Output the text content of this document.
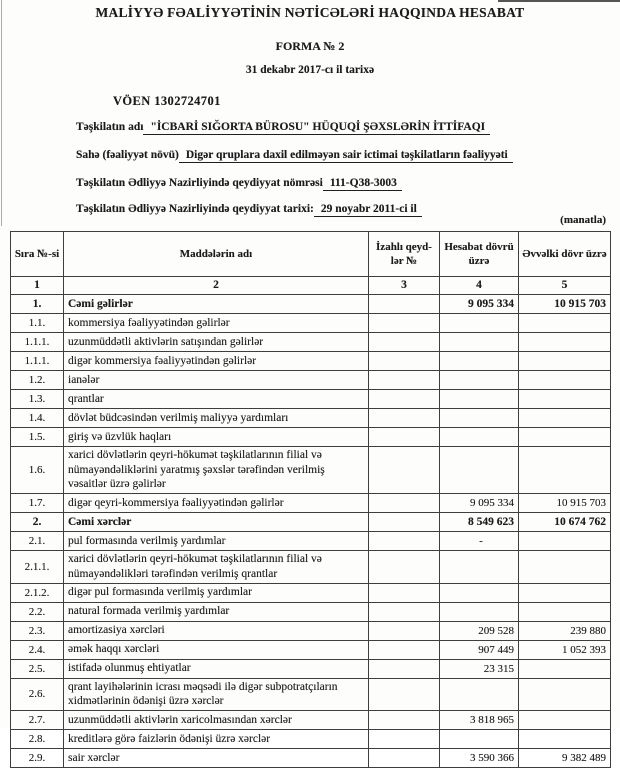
MALİYYƏ FƏALİYYƏTİNİN NƏTİCƏLƏRİ HAQQINDA HESABAT
FORMA № 2
31 dekabr 2017-cı il tarixə
VÖEN 1302724701
Təşkilatın adı "İCBARİ SIĞORTA BÜROSU" HÜQUQİ ŞƏXSLƏRİN İTTİFAQI
Sahə (fəaliyyət növü) Digər qruplara daxil edilməyən sair ictimai təşkilatların fəaliyyəti
Təşkilatın Ədliyyə Nazirliyində qeydiyyat nömrəsi 111-Q38-3003
Təşkilatın Ədliyyə Nazirliyində qeydiyyat tarixi: 29 noyabr 2011-ci il
(manatla)
Sıra №-si	Maddələrin adı	İzahlı qeyd-lər №	Hesabat dövrü üzrə	Əvvəlki dövr üzrə
1	2	3	4	5
1.	Cəmi gəlirlər		9 095 334	10 915 703
1.1.	kommersiya fəaliyyətindən gəlirlər			
1.1.1.	uzunmüddətli aktivlərin satışından gəlirlər			
1.1.1.	digər kommersiya fəaliyyətindən gəlirlər			
1.2.	ianələr			
1.3.	qrantlar			
1.4.	dövlət büdcəsindən verilmiş maliyyə yardımları			
1.5.	giriş və üzvlük haqları			
1.6.	xarici dövlətlərin qeyri-hökumət təşkilatlarının filial və nümayəndəliklərini yaratmış şəxslər tərəfindən verilmiş vəsaitlər üzrə gəlirlər			
1.7.	digər qeyri-kommersiya fəaliyyətindən gəlirlər		9 095 334	10 915 703
2.	Cəmi xərclər		8 549 623	10 674 762
2.1.	pul formasında verilmiş yardımlar		-	
2.1.1.	xarici dövlətlərin qeyri-hökumət təşkilatlarının filial və nümayəndəlikləri tərəfindən verilmiş qrantlar			
2.1.2.	digər pul formasında verilmiş yardımlar			
2.2.	natural formada verilmiş yardımlar			
2.3.	amortizasiya xərcləri		209 528	239 880
2.4.	əmək haqqı xərcləri		907 449	1 052 393
2.5.	istifadə olunmuş ehtiyatlar		23 315	
2.6.	qrant layihələrinin icrası məqsədi ilə digər subpotratçıların xidmətlərinin ödənişi üzrə xərclər			
2.7.	uzunmüddətli aktivlərin xaricolmasından xərclər		3 818 965	
2.8.	kreditlərə görə faizlərin ödənişi üzrə xərclər			
2.9.	sair xərclər		3 590 366	9 382 489
